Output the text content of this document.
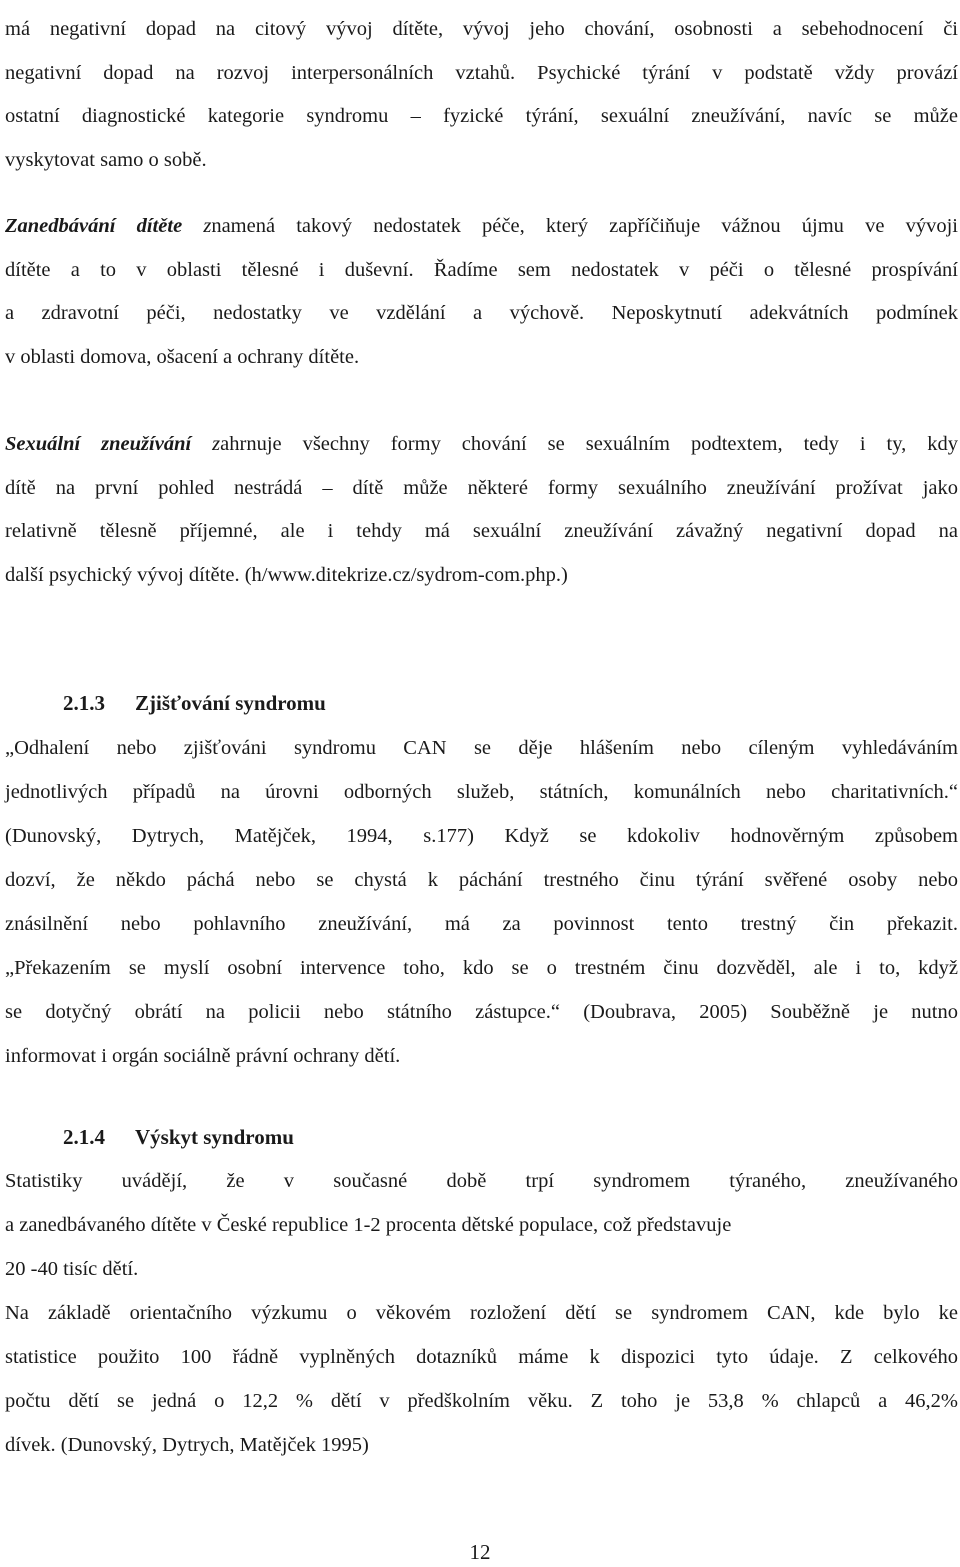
má negativní dopad na citový vývoj dítěte, vývoj jeho chování, osobnosti a sebehodnocení či
negativní dopad na rozvoj interpersonálních vztahů. Psychické týrání v podstatě vždy provází
ostatní diagnostické kategorie syndromu – fyzické týrání, sexuální zneužívání, navíc se může
vyskytovat samo o sobě.
Zanedbávání dítěte znamená takový nedostatek péče, který zapříčiňuje vážnou újmu ve vývoji
dítěte a to v oblasti tělesné i duševní. Řadíme sem nedostatek v péči o tělesné prospívání
a zdravotní péči, nedostatky ve vzdělání a výchově. Neposkytnutí adekvátních podmínek
v oblasti domova, ošacení a ochrany dítěte.
Sexuální zneužívání zahrnuje všechny formy chování se sexuálním podtextem, tedy i ty, kdy
dítě na první pohled nestrádá – dítě může některé formy sexuálního zneužívání prožívat jako
relativně tělesně příjemné, ale i tehdy má sexuální zneužívání závažný negativní dopad na
další psychický vývoj dítěte. (h/www.ditekrize.cz/sydrom-com.php.)
2.1.3 Zjišťování syndromu
„Odhalení nebo zjišťováni syndromu CAN se děje hlášením nebo cíleným vyhledáváním
jednotlivých případů na úrovni odborných služeb, státních, komunálních nebo charitativních.“
(Dunovský, Dytrych, Matějček, 1994, s.177) Když se kdokoliv hodnověrným způsobem
dozví, že někdo páchá nebo se chystá k páchání trestného činu týrání svěřené osoby nebo
znásilnění nebo pohlavního zneužívání, má za povinnost tento trestný čin překazit.
„Překazením se myslí osobní intervence toho, kdo se o trestném činu dozvěděl, ale i to, když
se dotyčný obrátí na policii nebo státního zástupce.“ (Doubrava, 2005) Souběžně je nutno
informovat i orgán sociálně právní ochrany dětí.
2.1.4 Výskyt syndromu
Statistiky uvádějí, že v současné době trpí syndromem týraného, zneužívaného
a zanedbávaného dítěte v České republice 1-2 procenta dětské populace, což představuje
20 -40 tisíc dětí.
Na základě orientačního výzkumu o věkovém rozložení dětí se syndromem CAN, kde bylo ke
statistice použito 100 řádně vyplněných dotazníků máme k dispozici tyto údaje. Z celkového
počtu dětí se jedná o 12,2 % dětí v předškolním věku. Z toho je 53,8 % chlapců a 46,2%
dívek. (Dunovský, Dytrych, Matějček 1995)
12
